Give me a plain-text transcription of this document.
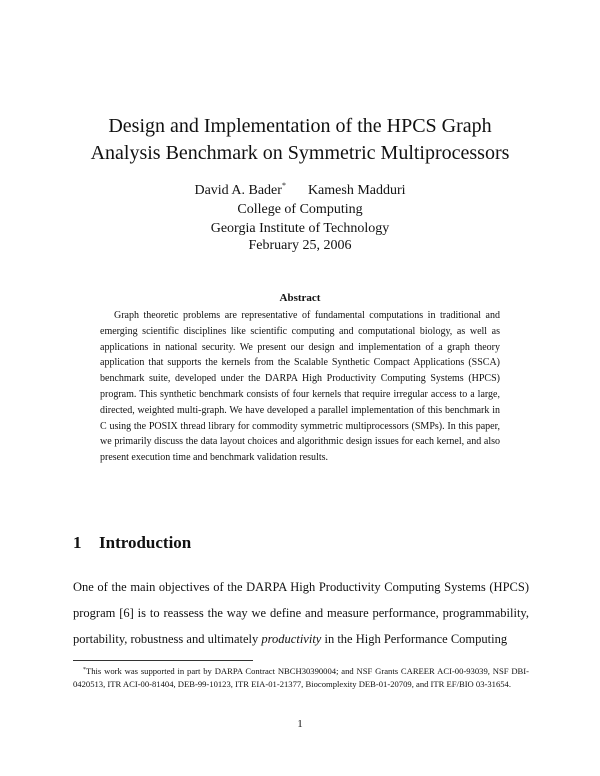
Design and Implementation of the HPCS Graph
Analysis Benchmark on Symmetric Multiprocessors
David A. Bader* Kamesh Madduri
College of Computing
Georgia Institute of Technology
February 25, 2006
Abstract

Graph theoretic problems are representative of fundamental computations in traditional and emerging scientific disciplines like scientific computing and computational biology, as well as applications in national security. We present our design and implementation of a graph theory application that supports the kernels from the Scalable Synthetic Compact Applications (SSCA) benchmark suite, developed under the DARPA High Productivity Computing Systems (HPCS) program. This synthetic benchmark consists of four kernels that require irregular access to a large, directed, weighted multi-graph. We have developed a parallel implementation of this benchmark in C using the POSIX thread library for commodity symmetric multiprocessors (SMPs). In this paper, we primarily discuss the data layout choices and algorithmic design issues for each kernel, and also present execution time and benchmark validation results.

1 Introduction

One of the main objectives of the DARPA High Productivity Computing Systems (HPCS) program [6] is to reassess the way we define and measure performance, programmability, portability, robustness and ultimately productivity in the High Performance Computing

*This work was supported in part by DARPA Contract NBCH30390004; and NSF Grants CAREER ACI-00-93039, NSF DBI-0420513, ITR ACI-00-81404, DEB-99-10123, ITR EIA-01-21377, Biocomplexity DEB-01-20709, and ITR EF/BIO 03-31654.

1
